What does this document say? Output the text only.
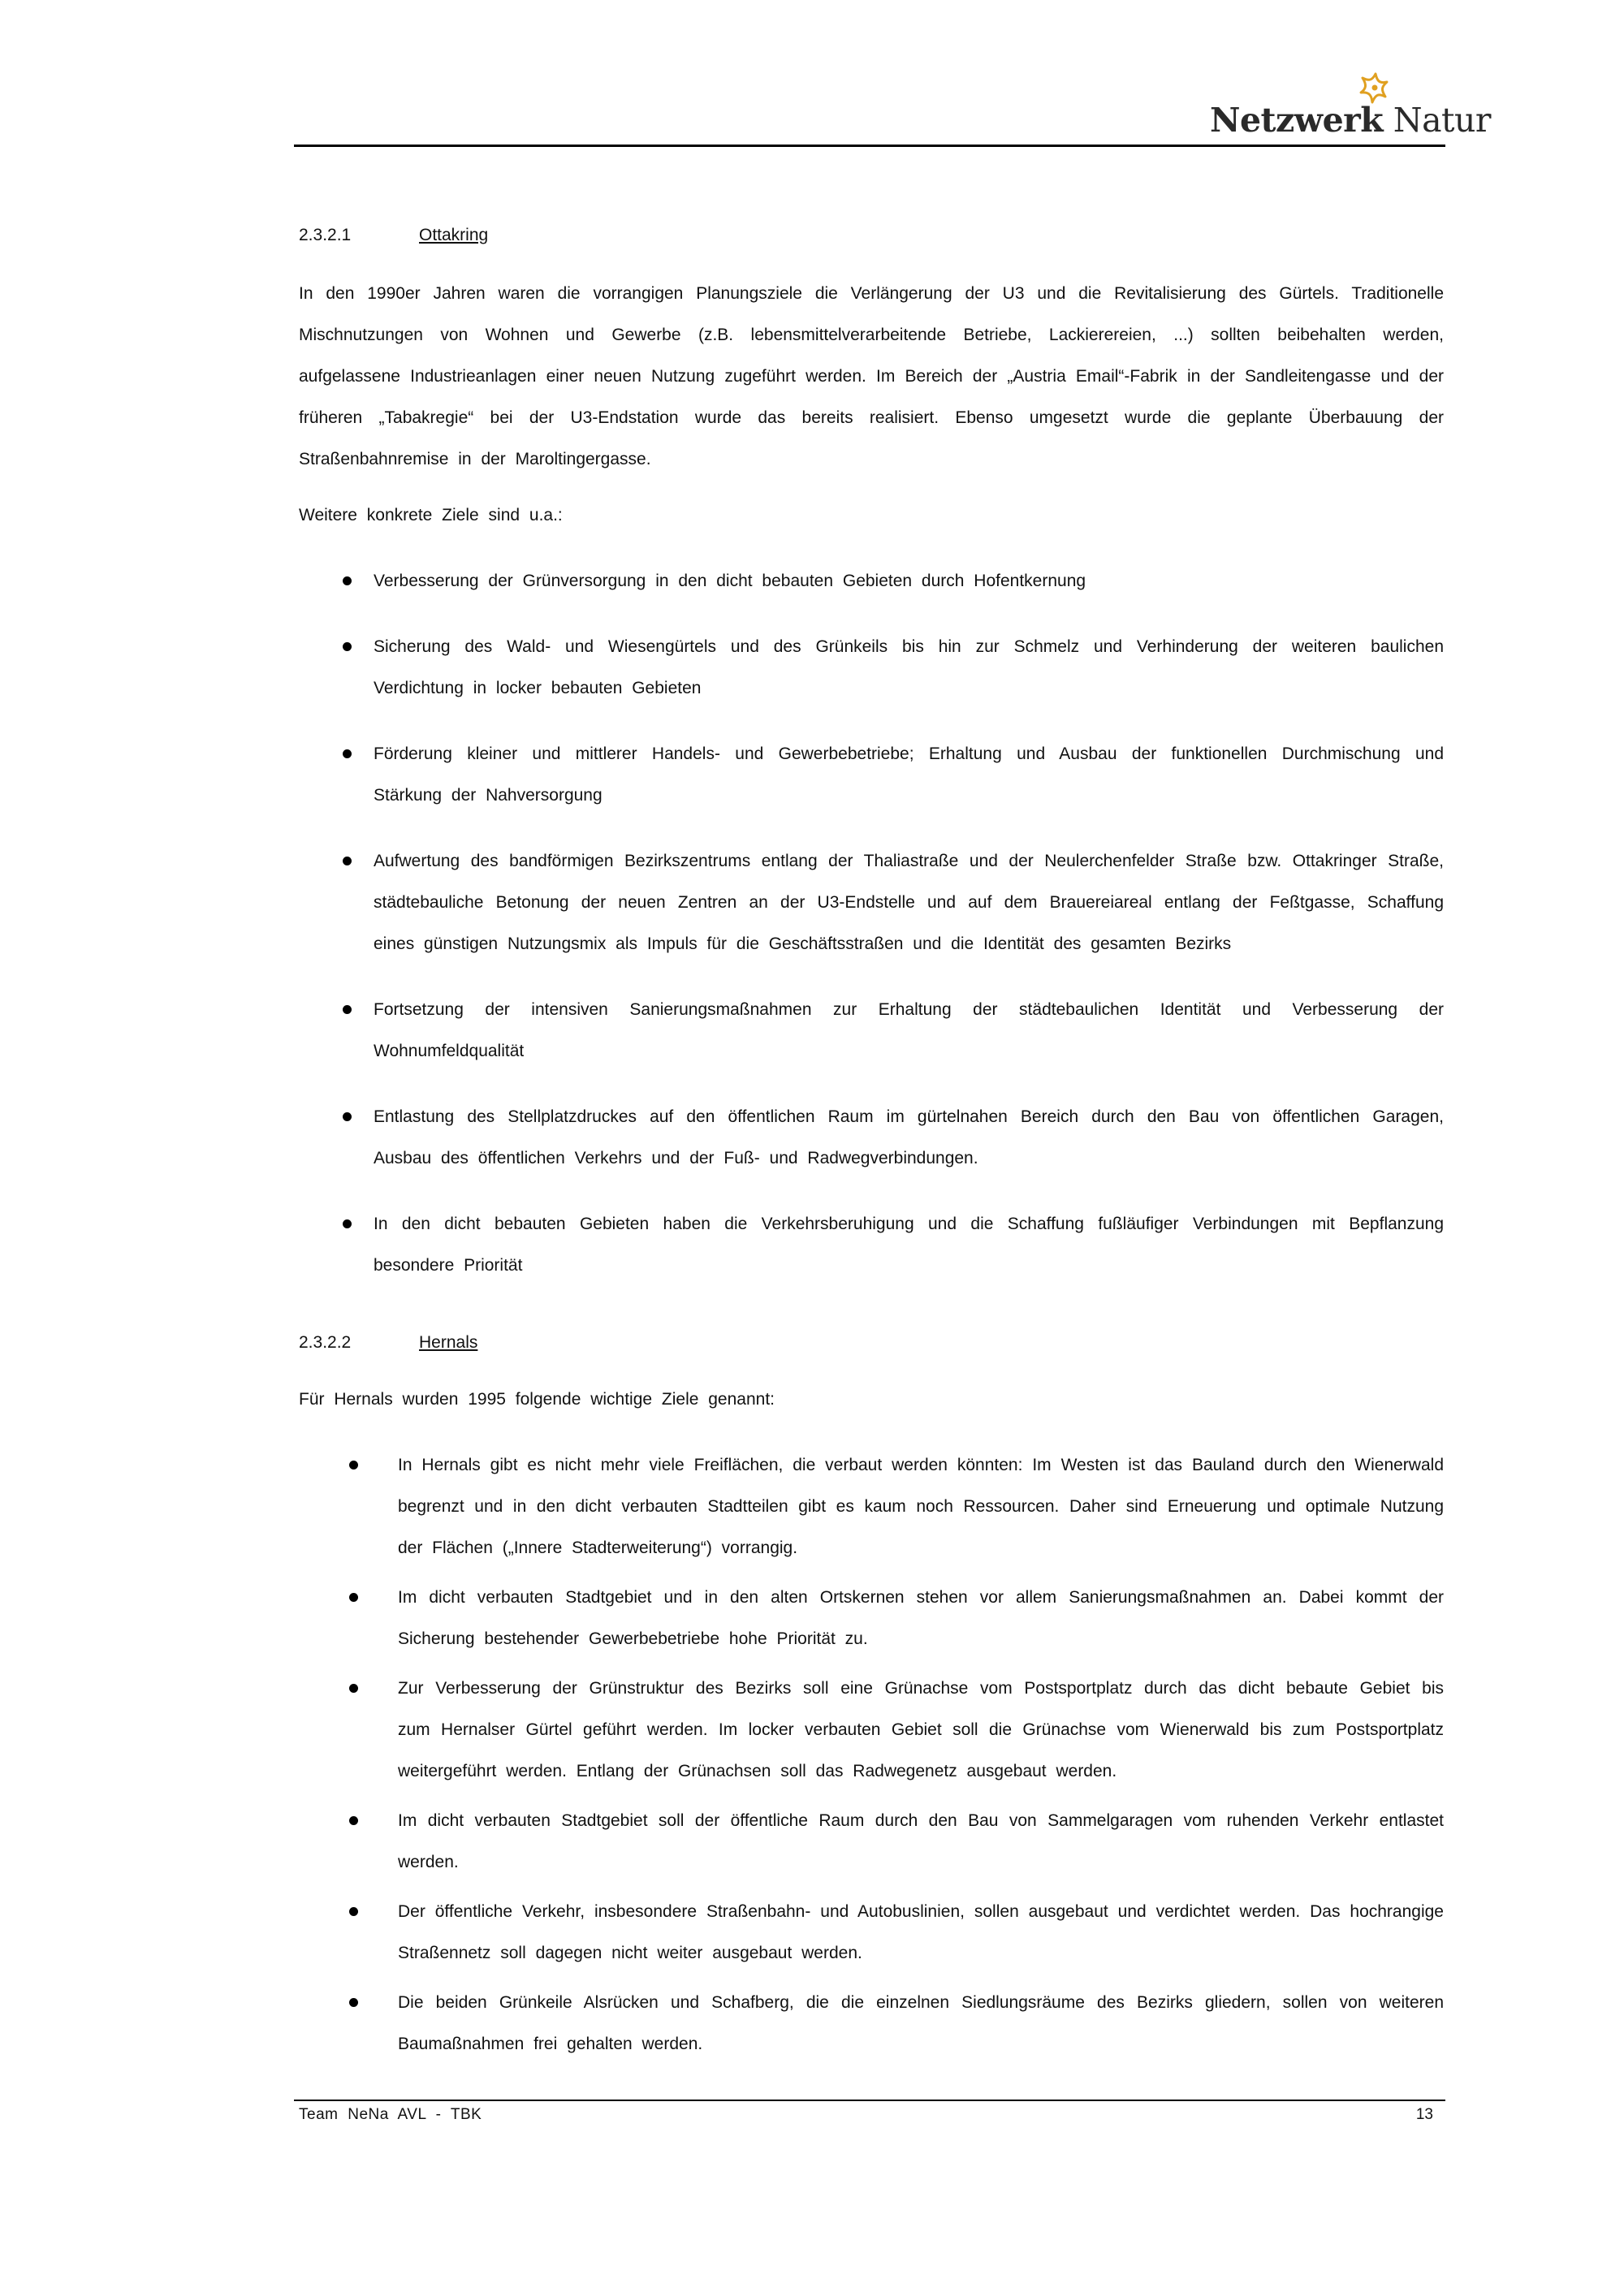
Netzwerk Natur
2.3.2.1	Ottakring

In den 1990er Jahren waren die vorrangigen Planungsziele die Verlängerung der U3 und die Revitalisierung des Gürtels. Traditionelle Mischnutzungen von Wohnen und Gewerbe (z.B. lebensmittelverarbeitende Betriebe, Lackierereien, ...) sollten beibehalten werden, aufgelassene Industrieanlagen einer neuen Nutzung zugeführt werden. Im Bereich der „Austria Email“-Fabrik in der Sandleitengasse und der früheren „Tabakregie“ bei der U3-Endstation wurde das bereits realisiert. Ebenso umgesetzt wurde die geplante Überbauung der Straßenbahnremise in der Maroltingergasse.

Weitere konkrete Ziele sind u.a.:

Verbesserung der Grünversorgung in den dicht bebauten Gebieten durch Hofentkernung
Sicherung des Wald- und Wiesengürtels und des Grünkeils bis hin zur Schmelz und Verhinderung der weiteren baulichen Verdichtung in locker bebauten Gebieten
Förderung kleiner und mittlerer Handels- und Gewerbebetriebe; Erhaltung und Ausbau der funktionellen Durchmischung und Stärkung der Nahversorgung
Aufwertung des bandförmigen Bezirkszentrums entlang der Thaliastraße und der Neulerchenfelder Straße bzw. Ottakringer Straße, städtebauliche Betonung der neuen Zentren an der U3-Endstelle und auf dem Brauereiareal entlang der Feßtgasse, Schaffung eines günstigen Nutzungsmix als Impuls für die Geschäftsstraßen und die Identität des gesamten Bezirks
Fortsetzung der intensiven Sanierungsmaßnahmen zur Erhaltung der städtebaulichen Identität und Verbesserung der Wohnumfeldqualität
Entlastung des Stellplatzdruckes auf den öffentlichen Raum im gürtelnahen Bereich durch den Bau von öffentlichen Garagen, Ausbau des öffentlichen Verkehrs und der Fuß- und Radwegverbindungen.
In den dicht bebauten Gebieten haben die Verkehrsberuhigung und die Schaffung fußläufiger Verbindungen mit Bepflanzung besondere Priorität
2.3.2.2	Hernals

Für Hernals wurden 1995 folgende wichtige Ziele genannt:

In Hernals gibt es nicht mehr viele Freiflächen, die verbaut werden könnten: Im Westen ist das Bauland durch den Wienerwald begrenzt und in den dicht verbauten Stadtteilen gibt es kaum noch Ressourcen. Daher sind Erneuerung und optimale Nutzung der Flächen („Innere Stadterweiterung“) vorrangig.
Im dicht verbauten Stadtgebiet und in den alten Ortskernen stehen vor allem Sanierungsmaßnahmen an. Dabei kommt der Sicherung bestehender Gewerbebetriebe hohe Priorität zu.
Zur Verbesserung der Grünstruktur des Bezirks soll eine Grünachse vom Postsportplatz durch das dicht bebaute Gebiet bis zum Hernalser Gürtel geführt werden. Im locker verbauten Gebiet soll die Grünachse vom Wienerwald bis zum Postsportplatz weitergeführt werden. Entlang der Grünachsen soll das Radwegenetz ausgebaut werden.
Im dicht verbauten Stadtgebiet soll der öffentliche Raum durch den Bau von Sammelgaragen vom ruhenden Verkehr entlastet werden.
Der öffentliche Verkehr, insbesondere Straßenbahn- und Autobuslinien, sollen ausgebaut und verdichtet werden. Das hochrangige Straßennetz soll dagegen nicht weiter ausgebaut werden.
Die beiden Grünkeile Alsrücken und Schafberg, die die einzelnen Siedlungsräume des Bezirks gliedern, sollen von weiteren Baumaßnahmen frei gehalten werden.
Team NeNa AVL - TBK	13
